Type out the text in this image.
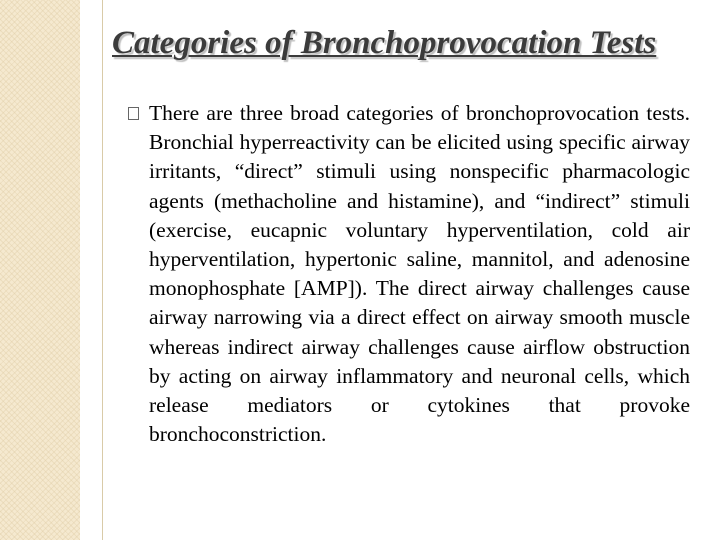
Categories of Bronchoprovocation Tests

There are three broad categories of bronchoprovocation tests. Bronchial hyperreactivity can be elicited using specific airway irritants, “direct” stimuli using nonspecific pharmacologic agents (methacholine and histamine), and “indirect” stimuli (exercise, eucapnic voluntary hyperventilation, cold air hyperventilation, hypertonic saline, mannitol, and adenosine monophosphate [AMP]). The direct airway challenges cause airway narrowing via a direct effect on airway smooth muscle whereas indirect airway challenges cause airflow obstruction by acting on airway inflammatory and neuronal cells, which release mediators or cytokines that provoke bronchoconstriction.
